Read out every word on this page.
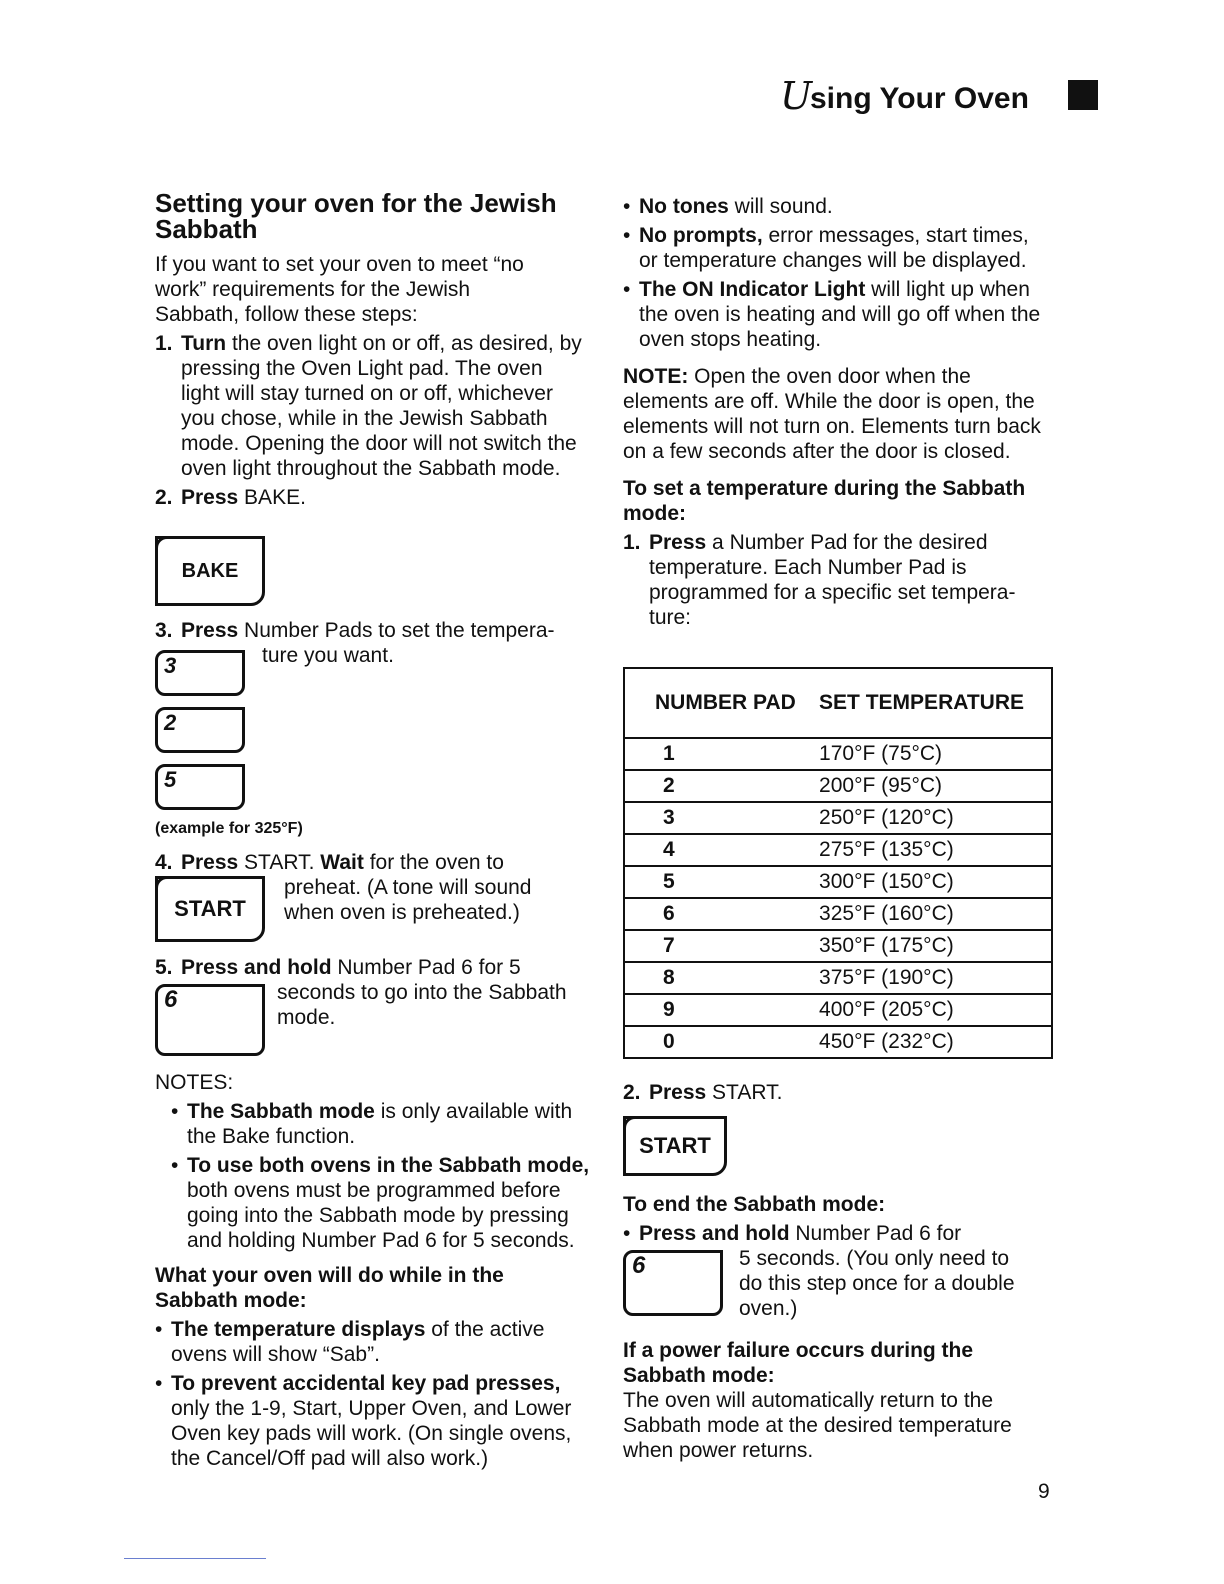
U
sing Your Oven
Setting your oven for the Jewish Sabbath
If you want to set your oven to meet “no work” requirements for the Jewish Sabbath, follow these steps:
1. Turn the oven light on or off, as desired, by pressing the Oven Light pad. The oven light will stay turned on or off, whichever you chose, while in the Jewish Sabbath mode. Opening the door will not switch the oven light throughout the Sabbath mode.
2. Press BAKE.
BAKE
3. Press Number Pads to set the tempera-
ture you want.
3
2
5
(example for 325°F)
4. Press START. Wait for the oven to
preheat. (A tone will sound
when oven is preheated.)
START
5. Press and hold Number Pad 6 for 5
seconds to go into the Sabbath
mode.
6
NOTES:
• The Sabbath mode is only available with the Bake function.
• To use both ovens in the Sabbath mode, both ovens must be programmed before going into the Sabbath mode by pressing and holding Number Pad 6 for 5 seconds.
What your oven will do while in the Sabbath mode:
• The temperature displays of the active ovens will show “Sab”.
• To prevent accidental key pad presses, only the 1-9, Start, Upper Oven, and Lower Oven key pads will work. (On single ovens, the Cancel/Off pad will also work.)
• No tones will sound.
• No prompts, error messages, start times, or temperature changes will be displayed.
• The ON Indicator Light will light up when the oven is heating and will go off when the oven stops heating.
NOTE: Open the oven door when the elements are off. While the door is open, the elements will not turn on. Elements turn back on a few seconds after the door is closed.
To set a temperature during the Sabbath mode:
1. Press a Number Pad for the desired temperature. Each Number Pad is programmed for a specific set tempera-ture:
NUMBER PAD	SET TEMPERATURE
1	170°F (75°C)
2	200°F (95°C)
3	250°F (120°C)
4	275°F (135°C)
5	300°F (150°C)
6	325°F (160°C)
7	350°F (175°C)
8	375°F (190°C)
9	400°F (205°C)
0	450°F (232°C)
2. Press START.
START
To end the Sabbath mode:
• Press and hold Number Pad 6 for
5 seconds. (You only need to
do this step once for a double
oven.)
6
If a power failure occurs during the Sabbath mode:
The oven will automatically return to the Sabbath mode at the desired temperature when power returns.
9
